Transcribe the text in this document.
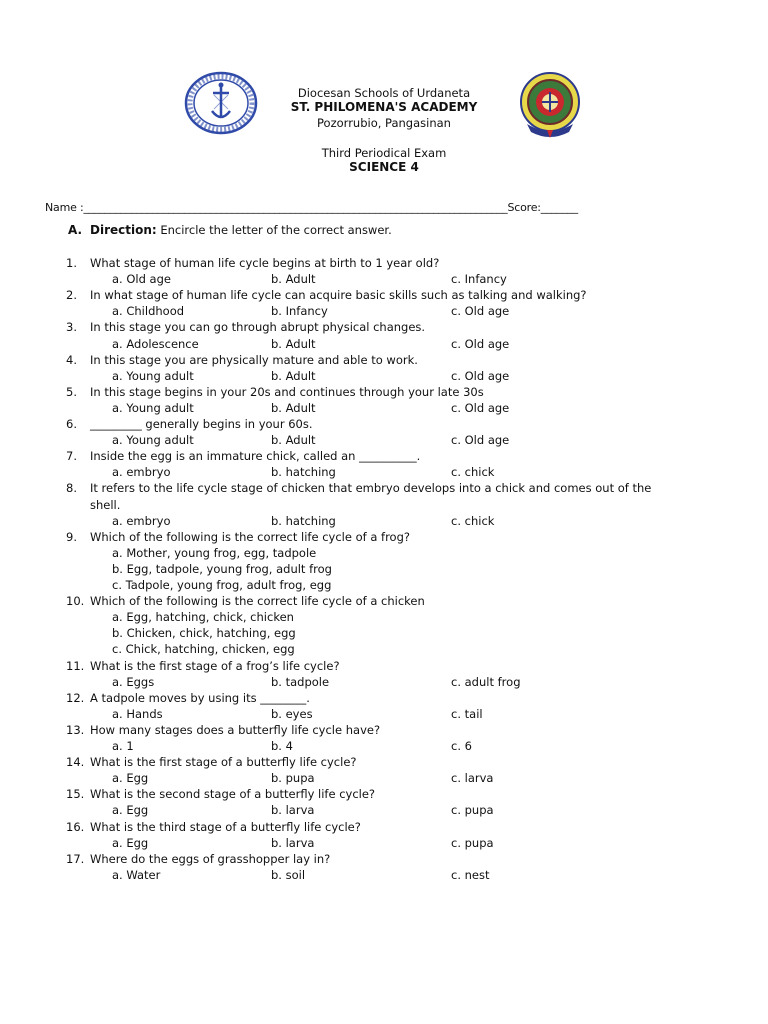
Diocesan Schools of Urdaneta
ST. PHILOMENA'S ACADEMY
Pozorrubio, Pangasinan
Third Periodical Exam
SCIENCE 4
Name :________________________________________________________________________________Score:_______
A. Direction: Encircle the letter of the correct answer.
1. What stage of human life cycle begins at birth to 1 year old?
a. Old age	b. Adult	c. Infancy
2. In what stage of human life cycle can acquire basic skills such as talking and walking?
a. Childhood	b. Infancy	c. Old age
3. In this stage you can go through abrupt physical changes.
a. Adolescence	b. Adult	c. Old age
4. In this stage you are physically mature and able to work.
a. Young adult	b. Adult	c. Old age
5. In this stage begins in your 20s and continues through your late 30s
a. Young adult	b. Adult	c. Old age
6. _________ generally begins in your 60s.
a. Young adult	b. Adult	c. Old age
7. Inside the egg is an immature chick, called an __________.
a. embryo	b. hatching	c. chick
8. It refers to the life cycle stage of chicken that embryo develops into a chick and comes out of the
shell.
a. embryo	b. hatching	c. chick
9. Which of the following is the correct life cycle of a frog?
a. Mother, young frog, egg, tadpole
b. Egg, tadpole, young frog, adult frog
c. Tadpole, young frog, adult frog, egg
10. Which of the following is the correct life cycle of a chicken
a. Egg, hatching, chick, chicken
b. Chicken, chick, hatching, egg
c. Chick, hatching, chicken, egg
11. What is the first stage of a frog’s life cycle?
a. Eggs	b. tadpole	c. adult frog
12. A tadpole moves by using its ________.
a. Hands	b. eyes	c. tail
13. How many stages does a butterfly life cycle have?
a. 1	b. 4	c. 6
14. What is the first stage of a butterfly life cycle?
a. Egg	b. pupa	c. larva
15. What is the second stage of a butterfly life cycle?
a. Egg	b. larva	c. pupa
16. What is the third stage of a butterfly life cycle?
a. Egg	b. larva	c. pupa
17. Where do the eggs of grasshopper lay in?
a. Water	b. soil	c. nest
